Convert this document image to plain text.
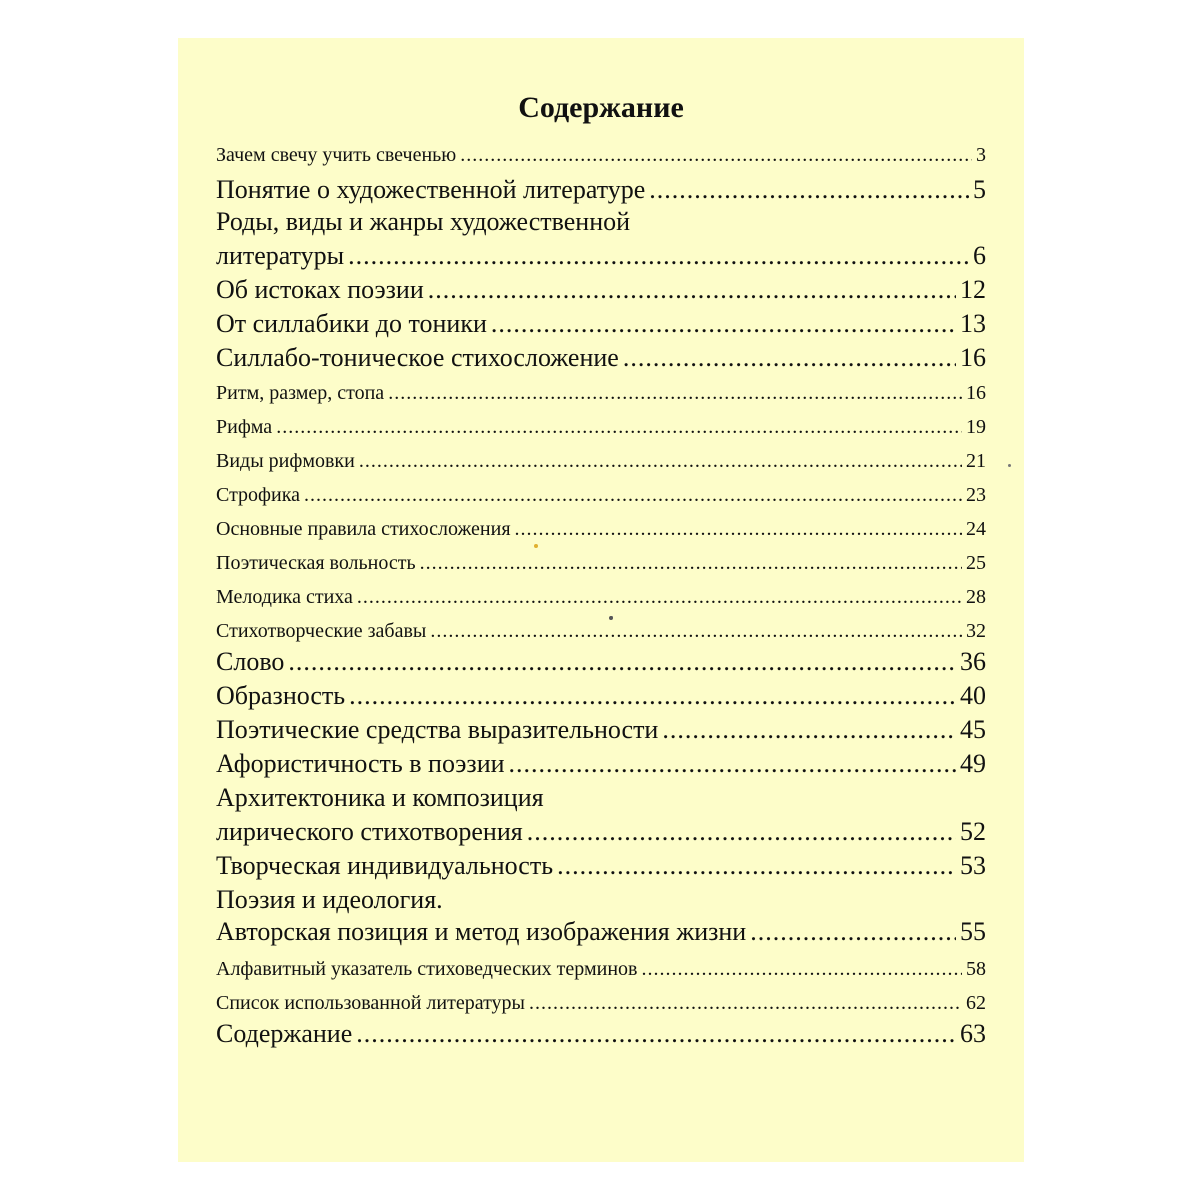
Содержание
Зачем свечу учить свеченью .....	3
Понятие о художественной литературе .....	5
Роды, виды и жанры художественной
литературы .....	6
Об истоках поэзии .....	12
От силлабики до тоники .....	13
Силлабо-тоническое стихосложение .....	16
Ритм, размер, стопа .....	16
Рифма .....	19
Виды рифмовки .....	21
Строфика .....	23
Основные правила стихосложения .....	24
Поэтическая вольность .....	25
Мелодика стиха .....	28
Стихотворческие забавы .....	32
Слово .....	36
Образность .....	40
Поэтические средства выразительности .....	45
Афористичность в поэзии .....	49
Архитектоника и композиция
лирического стихотворения .....	52
Творческая индивидуальность .....	53
Поэзия и идеология.
Авторская позиция и метод изображения жизни .....	55
Алфавитный указатель стиховедческих терминов .....	58
Список использованной литературы .....	62
Содержание .....	63
